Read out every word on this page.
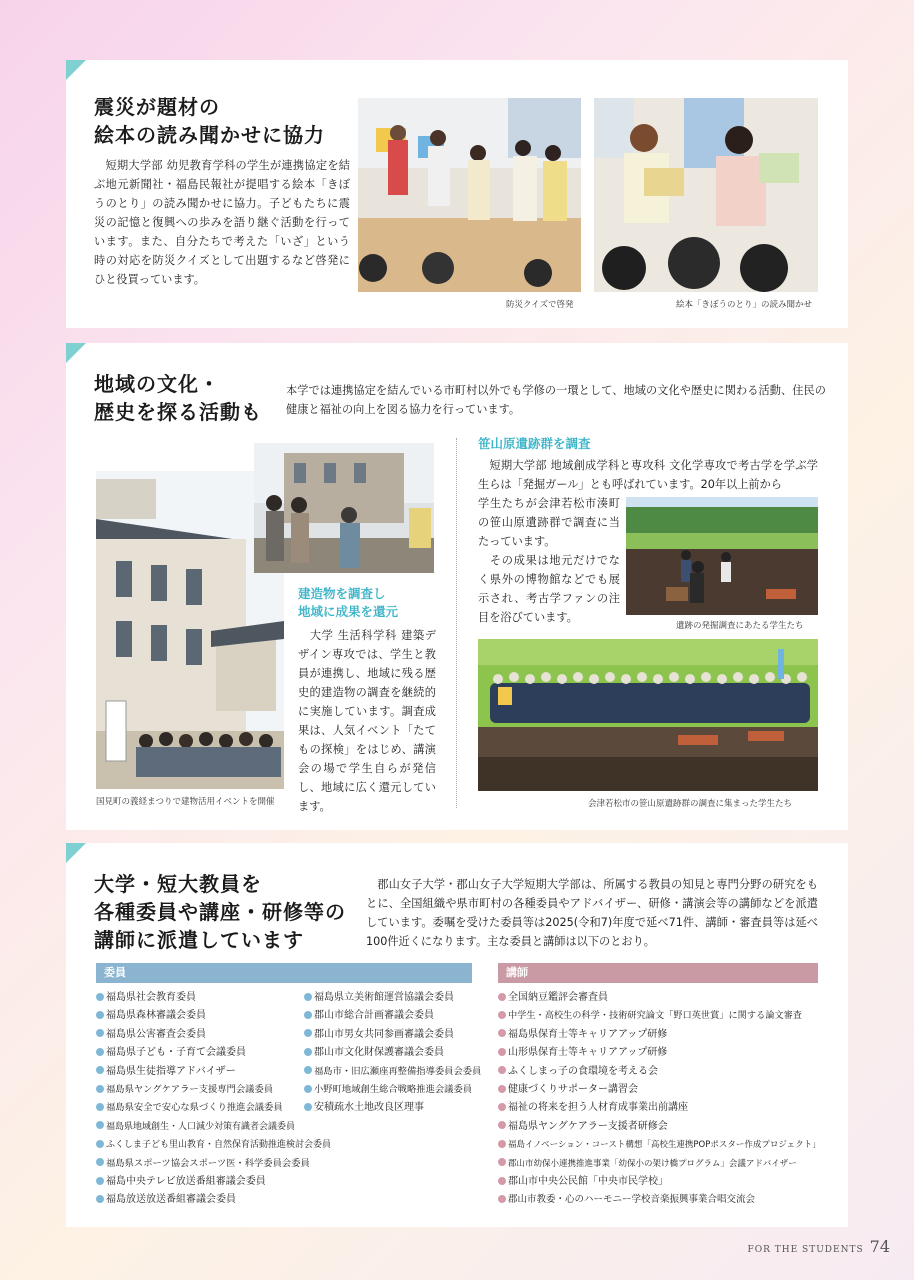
震災が題材の
絵本の読み聞かせに協力
　短期大学部 幼児教育学科の学生が連携協定を結ぶ地元新聞社・福島民報社が提唱する絵本「きぼうのとり」の読み聞かせに協力。子どもたちに震災の記憶と復興への歩みを語り継ぐ活動を行っています。また、自分たちで考えた「いざ」という時の対応を防災クイズとして出題するなど啓発にひと役買っています。
防災クイズで啓発	絵本「きぼうのとり」の読み聞かせ
地域の文化・
歴史を探る活動も
本学では連携協定を結んでいる市町村以外でも学修の一環として、地域の文化や歴史に関わる活動、住民の健康と福祉の向上を図る協力を行っています。
国見町の義経まつりで建物活用イベントを開催
建造物を調査し
地域に成果を還元
　大学 生活科学科 建築デザイン専攻では、学生と教員が連携し、地域に残る歴史的建造物の調査を継続的に実施しています。調査成果は、人気イベント「たてもの探検」をはじめ、講演会の場で学生自らが発信し、地域に広く還元しています。
笹山原遺跡群を調査
　短期大学部 地域創成学科と専攻科 文化学専攻で考古学を学ぶ学生らは「発掘ガール」とも呼ばれています。20年以上前から
学生たちが会津若松市湊町の笹山原遺跡群で調査に当たっています。
　その成果は地元だけでなく県外の博物館などでも展示され、考古学ファンの注目を浴びています。
遺跡の発掘調査にあたる学生たち
会津若松市の笹山原遺跡群の調査に集まった学生たち
大学・短大教員を
各種委員や講座・研修等の
講師に派遣しています
　郡山女子大学・郡山女子大学短期大学部は、所属する教員の知見と専門分野の研究をもとに、全国組織や県市町村の各種委員やアドバイザー、研修・講演会等の講師などを派遣しています。委嘱を受けた委員等は2025(令和7)年度で延べ71件、講師・審査員等は延べ100件近くになります。主な委員と講師は以下のとおり。
委員	講師
福島県社会教育委員
福島県森林審議会委員
福島県公害審査会委員
福島県子ども・子育て会議委員
福島県生徒指導アドバイザー
福島県ヤングケアラー支援専門会議委員
福島県安全で安心な県づくり推進会議委員
福島県地域創生・人口減少対策有識者会議委員
ふくしま子ども里山教育・自然保育活動推進検討会委員
福島県スポーツ協会スポーツ医・科学委員会委員
福島中央テレビ放送番組審議会委員
福島放送放送番組審議会委員
福島県立美術館運営協議会委員
郡山市総合計画審議会委員
郡山市男女共同参画審議会委員
郡山市文化財保護審議会委員
福島市・旧広瀬座再整備指導委員会委員
小野町地域創生総合戦略推進会議委員
安積疏水土地改良区理事
全国納豆鑑評会審査員
中学生・高校生の科学・技術研究論文「野口英世賞」に関する論文審査
福島県保育士等キャリアアップ研修
山形県保育士等キャリアアップ研修
ふくしまっ子の食環境を考える会
健康づくりサポーター講習会
福祉の将来を担う人材育成事業出前講座
福島県ヤングケアラー支援者研修会
福島イノベーション・コースト構想「高校生連携POPポスター作成プロジェクト」
郡山市幼保小連携推進事業「幼保小の架け橋プログラム」会議アドバイザー
郡山市中央公民館「中央市民学校」
郡山市教委・心のハーモニー学校音楽振興事業合唱交流会
FOR THE STUDENTS 74
